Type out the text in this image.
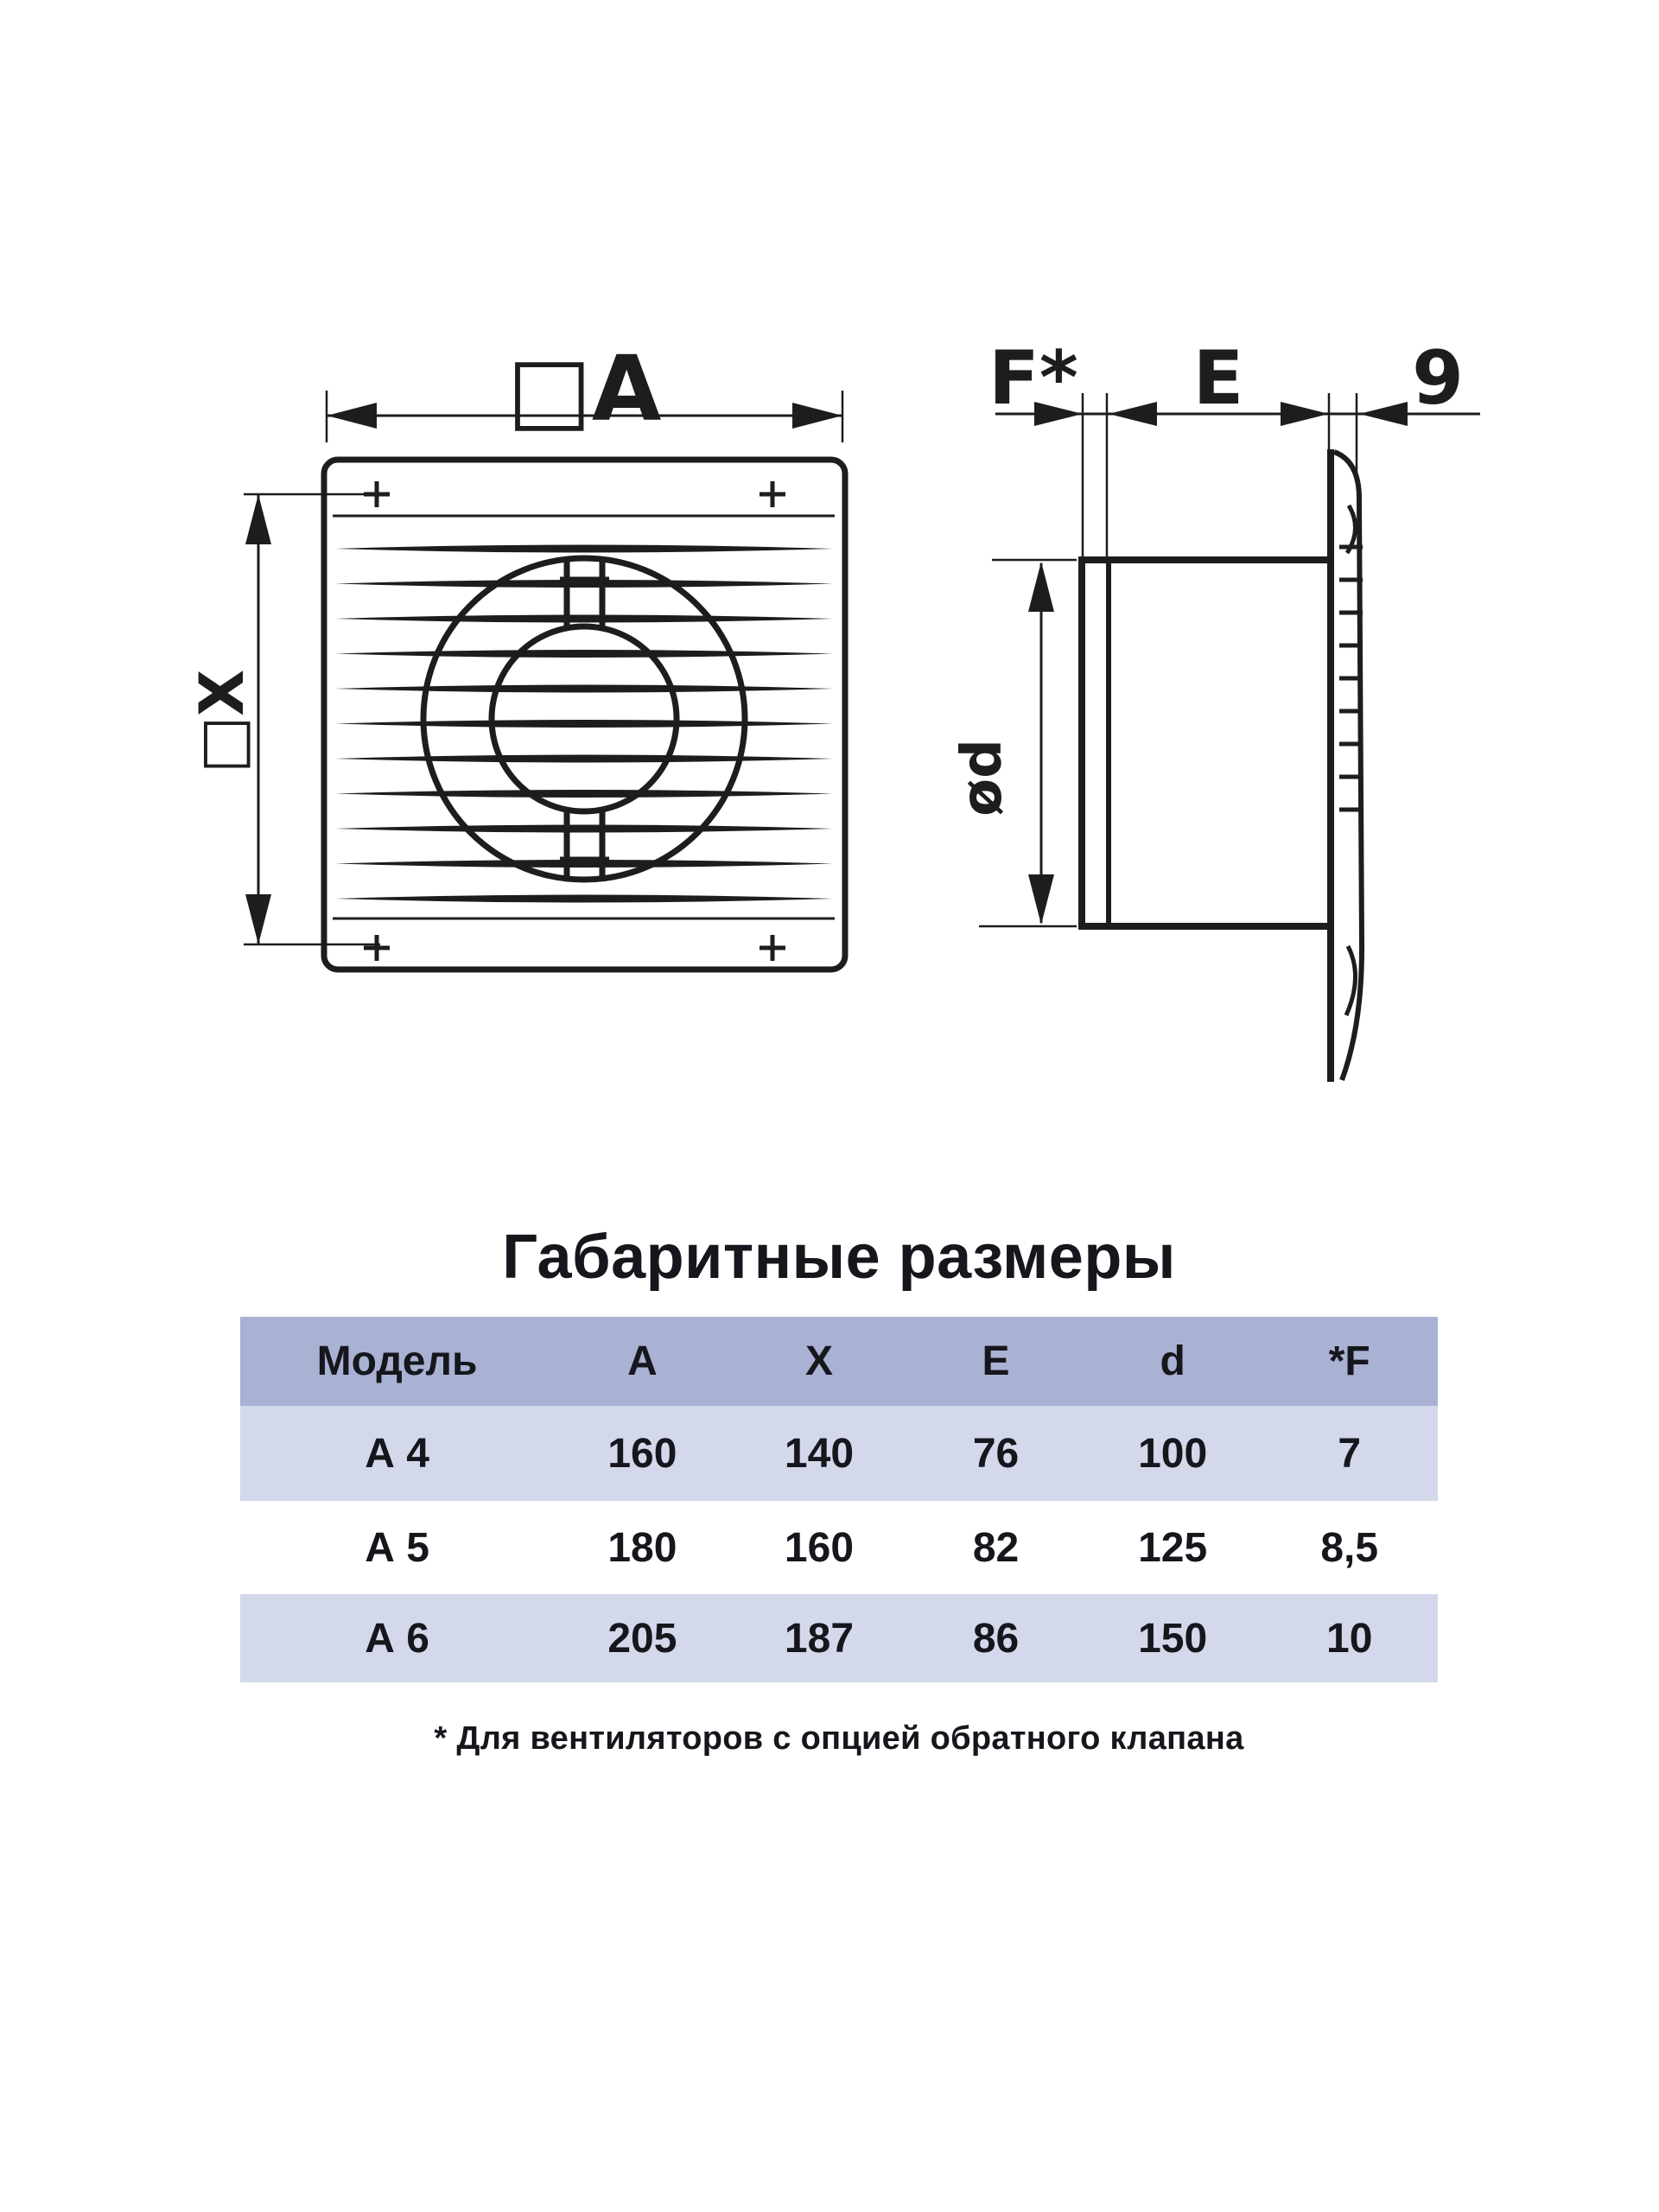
□A
□X
F* E 9
ød
Габаритные размеры
Модель	A	X	E	d	*F
А 4	160	140	76	100	7
А 5	180	160	82	125	8,5
А 6	205	187	86	150	10
* Для вентиляторов с опцией обратного клапана
